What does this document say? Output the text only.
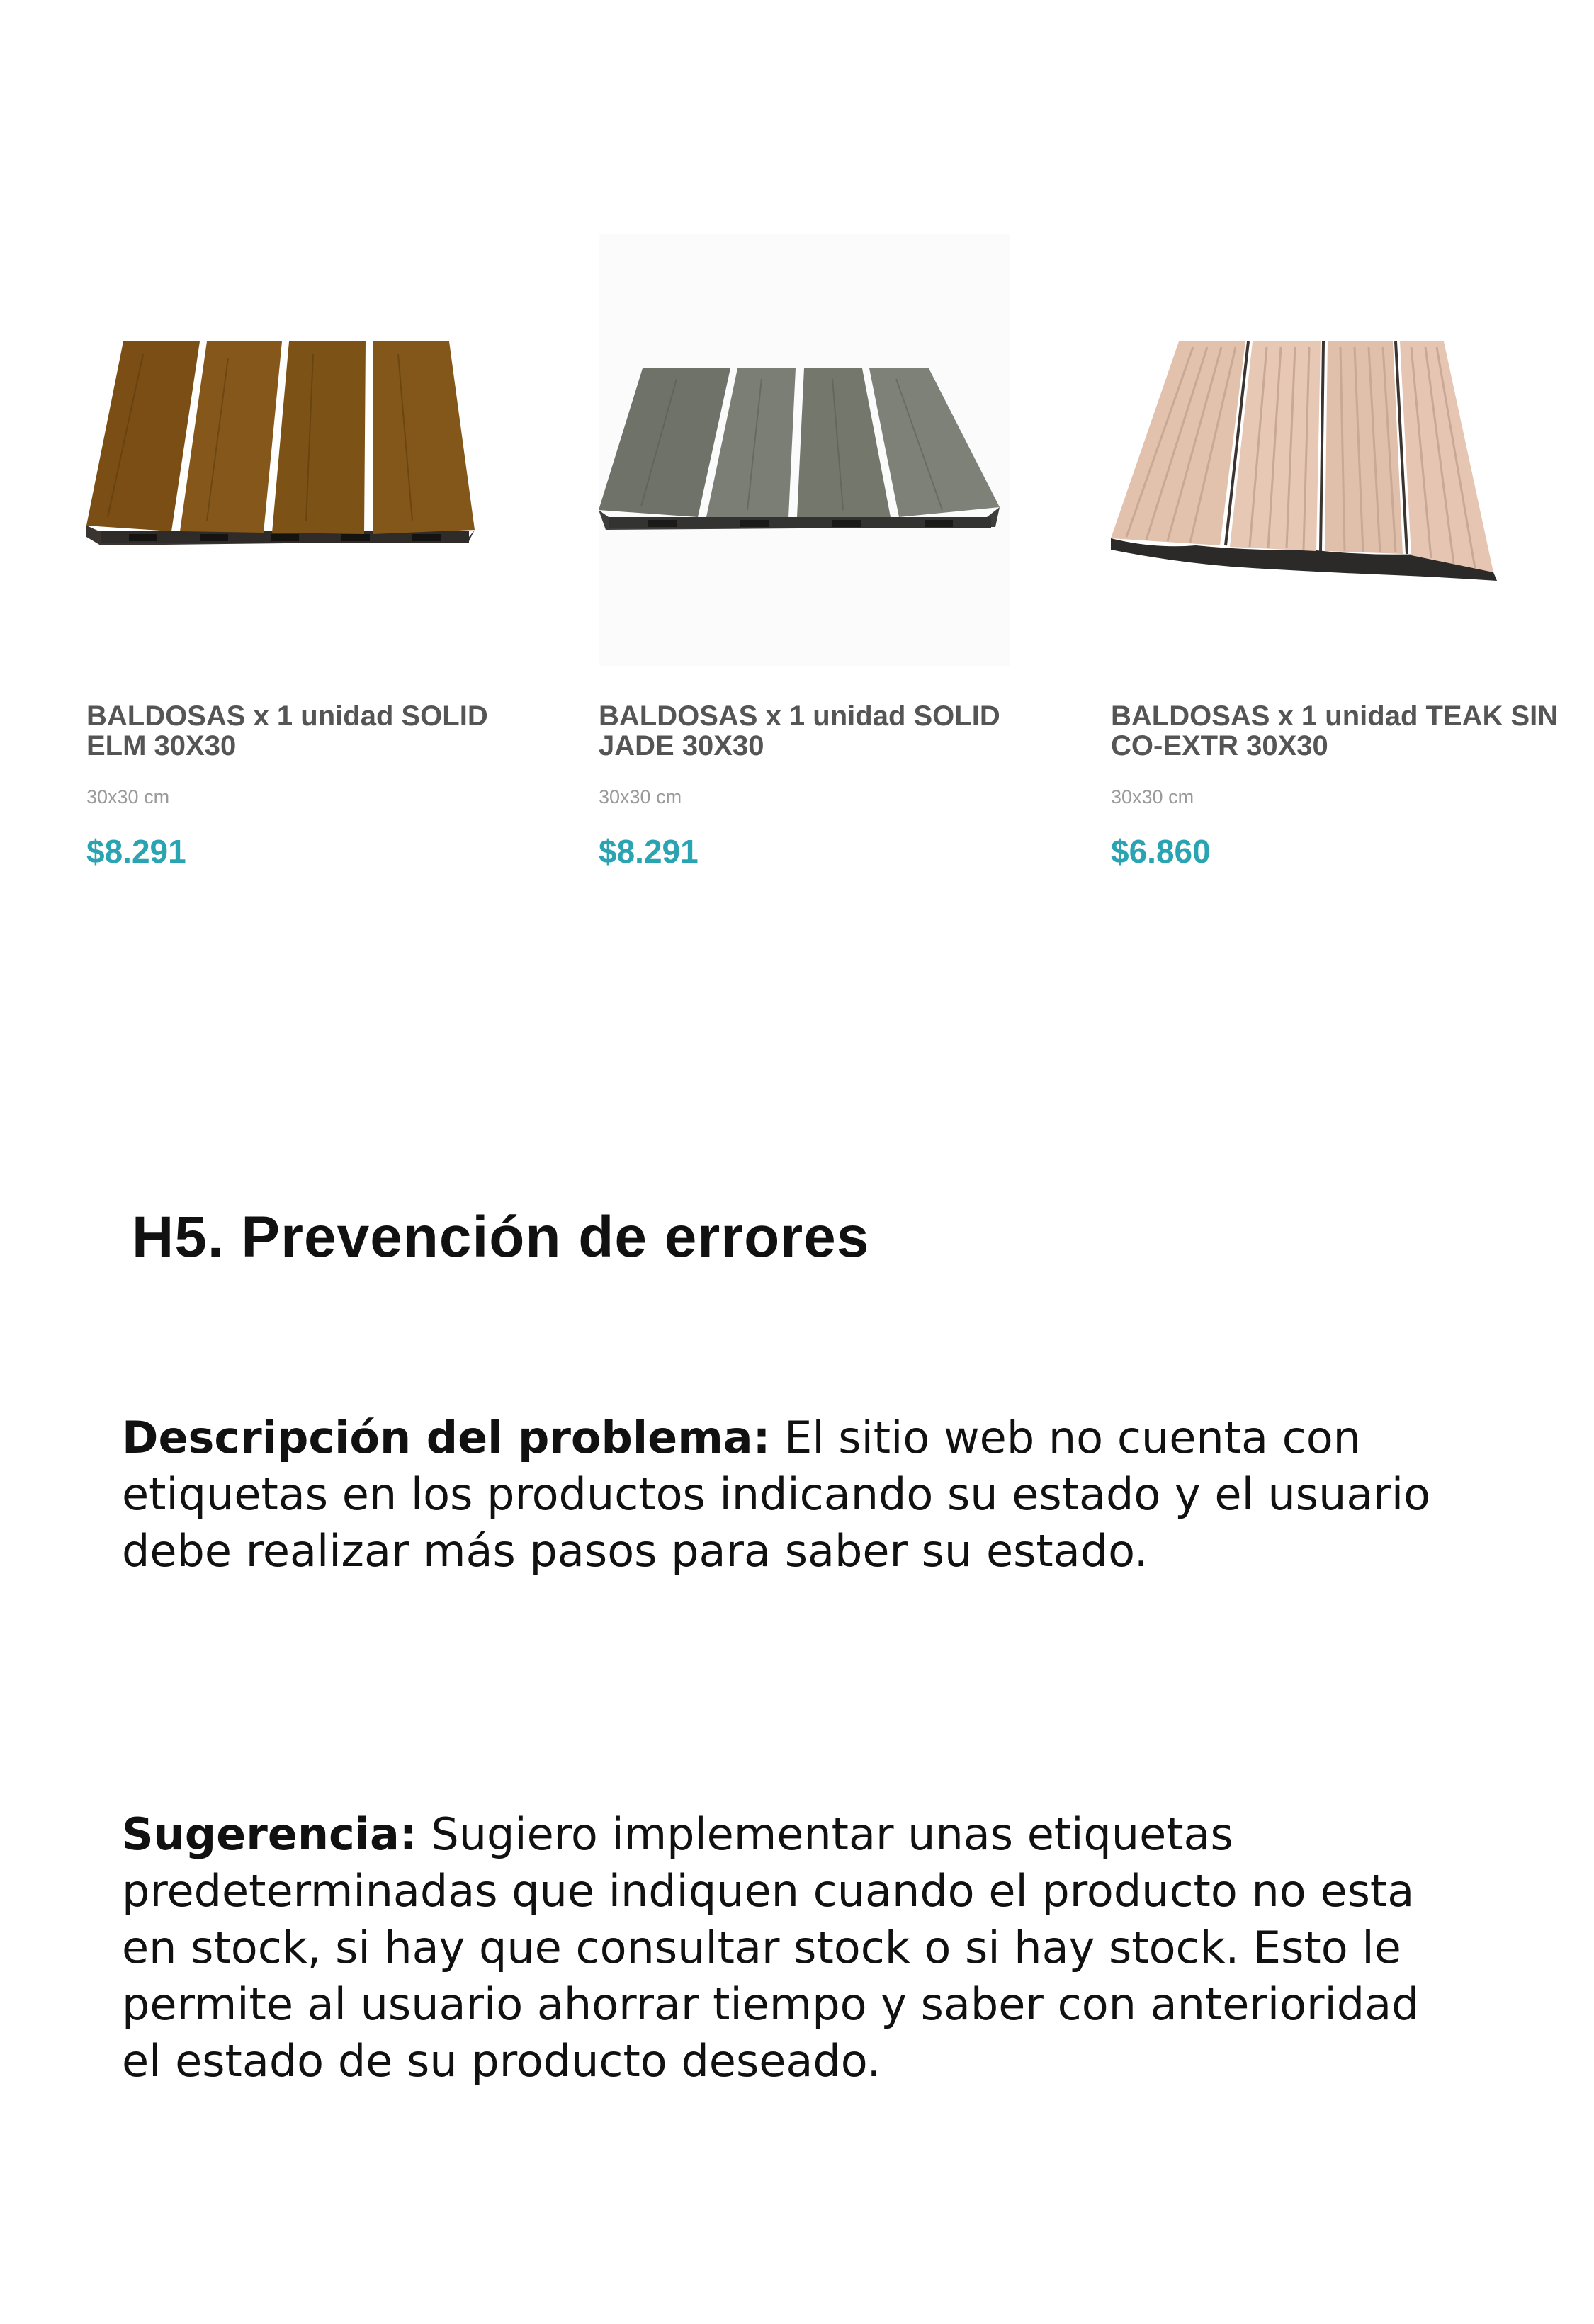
BALDOSAS x 1 unidad SOLID ELM 30X30
30x30 cm
$8.291
BALDOSAS x 1 unidad SOLID JADE 30X30
30x30 cm
$8.291
BALDOSAS x 1 unidad TEAK SIN CO-EXTR 30X30
30x30 cm
$6.860
H5. Prevención de errores
Descripción del problema: El sitio web no cuenta con etiquetas en los productos indicando su estado y el usuario debe realizar más pasos para saber su estado.
Sugerencia: Sugiero implementar unas etiquetas predeterminadas que indiquen cuando el producto no esta en stock, si hay que consultar stock o si hay stock. Esto le permite al usuario ahorrar tiempo y saber con anterioridad el estado de su producto deseado.
